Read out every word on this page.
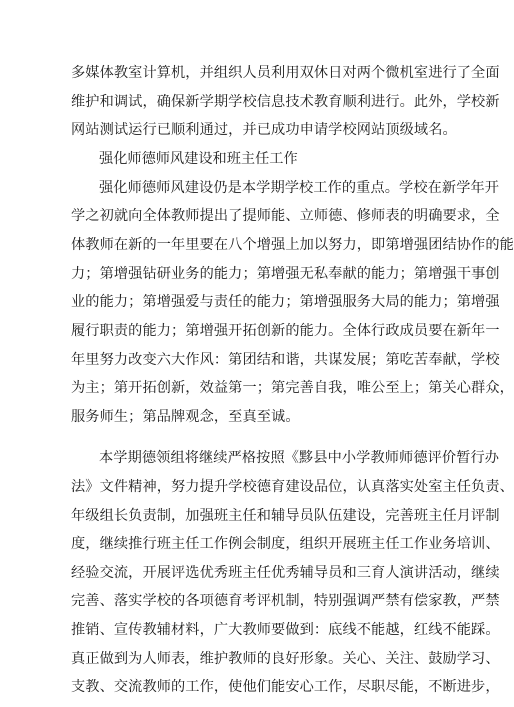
多媒体教室计算机，并组织人员利用双休日对两个微机室进行了全面
维护和调试，确保新学期学校信息技术教育顺利进行。此外，学校新
网站测试运行已顺利通过，并已成功申请学校网站顶级域名。
强化师德师风建设和班主任工作
强化师德师风建设仍是本学期学校工作的重点。学校在新学年开
学之初就向全体教师提出了提师能、立师德、修师表的明确要求，全
体教师在新的一年里要在八个增强上加以努力，即第增强团结协作的能
力；第增强钻研业务的能力；第增强无私奉献的能力；第增强干事创
业的能力；第增强爱与责任的能力；第增强服务大局的能力；第增强
履行职责的能力；第增强开拓创新的能力。全体行政成员要在新年一
年里努力改变六大作风：第团结和谐，共谋发展；第吃苦奉献，学校
为主；第开拓创新，效益第一；第完善自我，唯公至上；第关心群众，
服务师生；第品牌观念，至真至诚。
本学期德领组将继续严格按照《黟县中小学教师师德评价暂行办
法》文件精神，努力提升学校德育建设品位，认真落实处室主任负责、
年级组长负责制，加强班主任和辅导员队伍建设，完善班主任月评制
度，继续推行班主任工作例会制度，组织开展班主任工作业务培训、
经验交流，开展评选优秀班主任优秀辅导员和三育人演讲活动，继续
完善、落实学校的各项德育考评机制，特别强调严禁有偿家教，严禁
推销、宣传教辅材料，广大教师要做到：底线不能越，红线不能踩。
真正做到为人师表，维护教师的良好形象。关心、关注、鼓励学习、
支教、交流教师的工作，使他们能安心工作，尽职尽能，不断进步，
